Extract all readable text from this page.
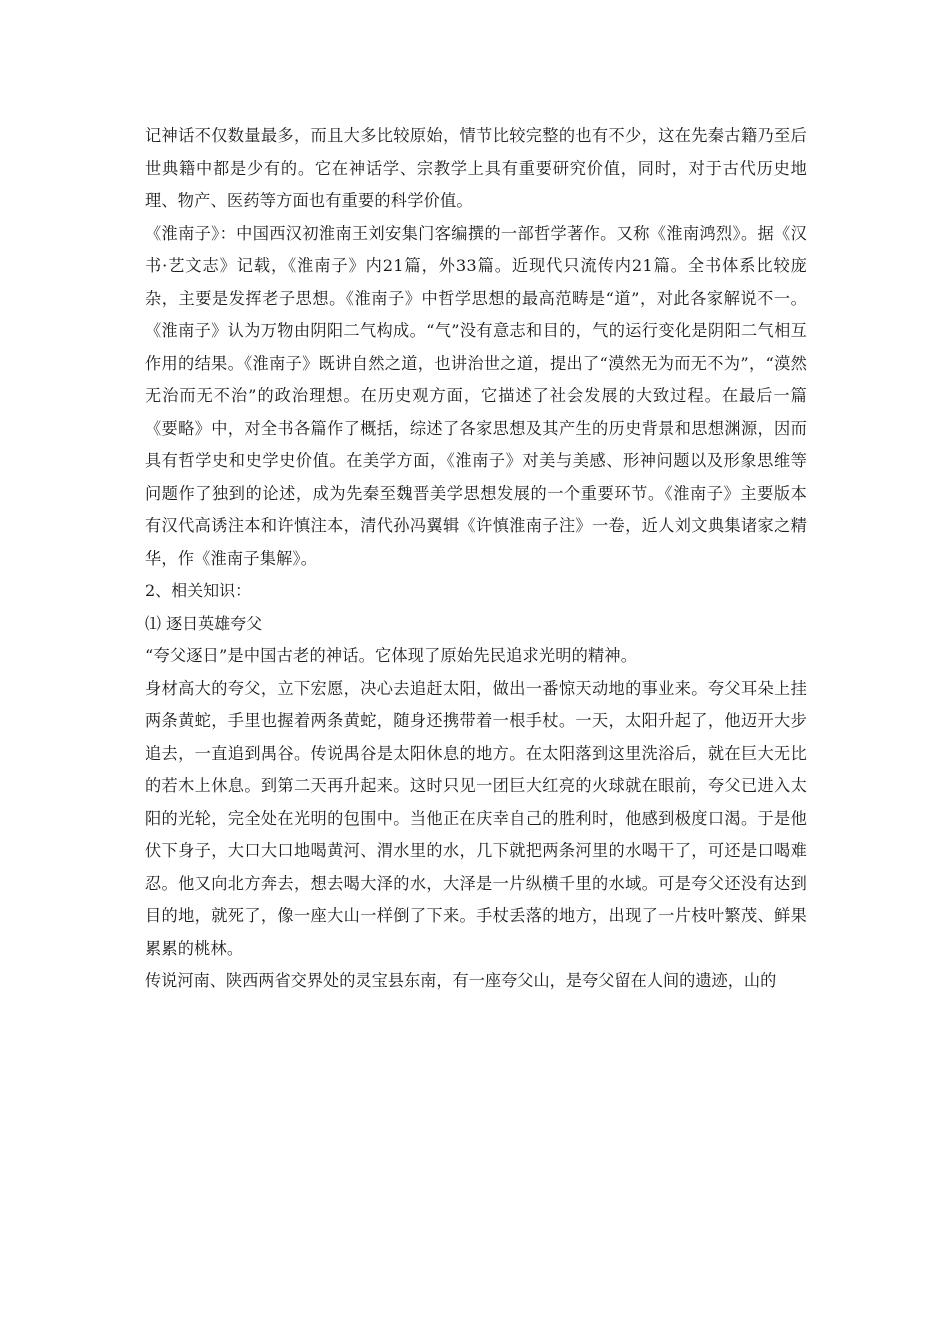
记神话不仅数量最多，而且大多比较原始，情节比较完整的也有不少，这在先秦古籍乃至后世典籍中都是少有的。它在神话学、宗教学上具有重要研究价值，同时，对于古代历史地理、物产、医药等方面也有重要的科学价值。

《淮南子》：中国西汉初淮南王刘安集门客编撰的一部哲学著作。又称《淮南鸿烈》。据《汉书·艺文志》记载，《淮南子》内21篇，外33篇。近现代只流传内21篇。全书体系比较庞杂，主要是发挥老子思想。《淮南子》中哲学思想的最高范畴是“道”，对此各家解说不一。《淮南子》认为万物由阴阳二气构成。“气”没有意志和目的，气的运行变化是阴阳二气相互作用的结果。《淮南子》既讲自然之道，也讲治世之道，提出了“漠然无为而无不为”，“漠然无治而无不治”的政治理想。在历史观方面，它描述了社会发展的大致过程。在最后一篇《要略》中，对全书各篇作了概括，综述了各家思想及其产生的历史背景和思想渊源，因而具有哲学史和史学史价值。在美学方面，《淮南子》对美与美感、形神问题以及形象思维等问题作了独到的论述，成为先秦至魏晋美学思想发展的一个重要环节。《淮南子》主要版本有汉代高诱注本和许慎注本，清代孙冯翼辑《许慎淮南子注》一卷，近人刘文典集诸家之精华，作《淮南子集解》。

2、相关知识：

⑴ 逐日英雄夸父

“夸父逐日”是中国古老的神话。它体现了原始先民追求光明的精神。

身材高大的夸父，立下宏愿，决心去追赶太阳，做出一番惊天动地的事业来。夸父耳朵上挂两条黄蛇，手里也握着两条黄蛇，随身还携带着一根手杖。一天，太阳升起了，他迈开大步追去，一直追到禺谷。传说禺谷是太阳休息的地方。在太阳落到这里洗浴后，就在巨大无比的若木上休息。到第二天再升起来。这时只见一团巨大红亮的火球就在眼前，夸父已进入太阳的光轮，完全处在光明的包围中。当他正在庆幸自己的胜利时，他感到极度口渴。于是他伏下身子，大口大口地喝黄河、渭水里的水，几下就把两条河里的水喝干了，可还是口喝难忍。他又向北方奔去，想去喝大泽的水，大泽是一片纵横千里的水域。可是夸父还没有达到目的地，就死了，像一座大山一样倒了下来。手杖丢落的地方，出现了一片枝叶繁茂、鲜果累累的桃林。

传说河南、陕西两省交界处的灵宝县东南，有一座夸父山，是夸父留在人间的遗迹，山的
